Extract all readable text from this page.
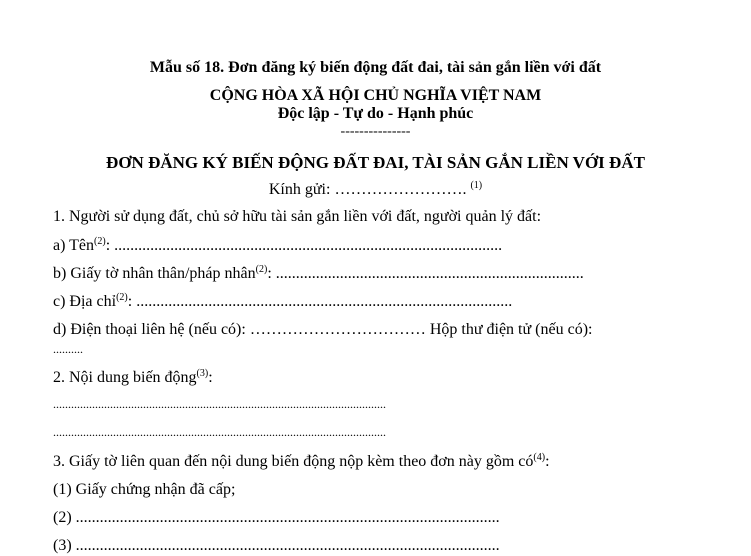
Mẫu số 18. Đơn đăng ký biến động đất đai, tài sản gắn liền với đất
CỘNG HÒA XÃ HỘI CHỦ NGHĨA VIỆT NAM
Độc lập - Tự do - Hạnh phúc
---------------
ĐƠN ĐĂNG KÝ BIẾN ĐỘNG ĐẤT ĐAI, TÀI SẢN GẮN LIỀN VỚI ĐẤT
Kính gửi: ……………………. $^{(1)}$
1. Người sử dụng đất, chủ sở hữu tài sản gắn liền với đất, người quản lý đất:
a) Tên$^{(2)}$: .................................................................................................
b) Giấy tờ nhân thân/pháp nhân$^{(2)}$: .............................................................................
c) Địa chỉ$^{(2)}$: ..............................................................................................
d) Điện thoại liên hệ (nếu có): …………………………… Hộp thư điện tử (nếu có):
..........
2. Nội dung biến động$^{(3)}$:
...............................................................................................................
...............................................................................................................
3. Giấy tờ liên quan đến nội dung biến động nộp kèm theo đơn này gồm $có^{(4)}$:
(1) Giấy chứng nhận đã cấp;
(2) ..........................................................................................................
(3) ..........................................................................................................
